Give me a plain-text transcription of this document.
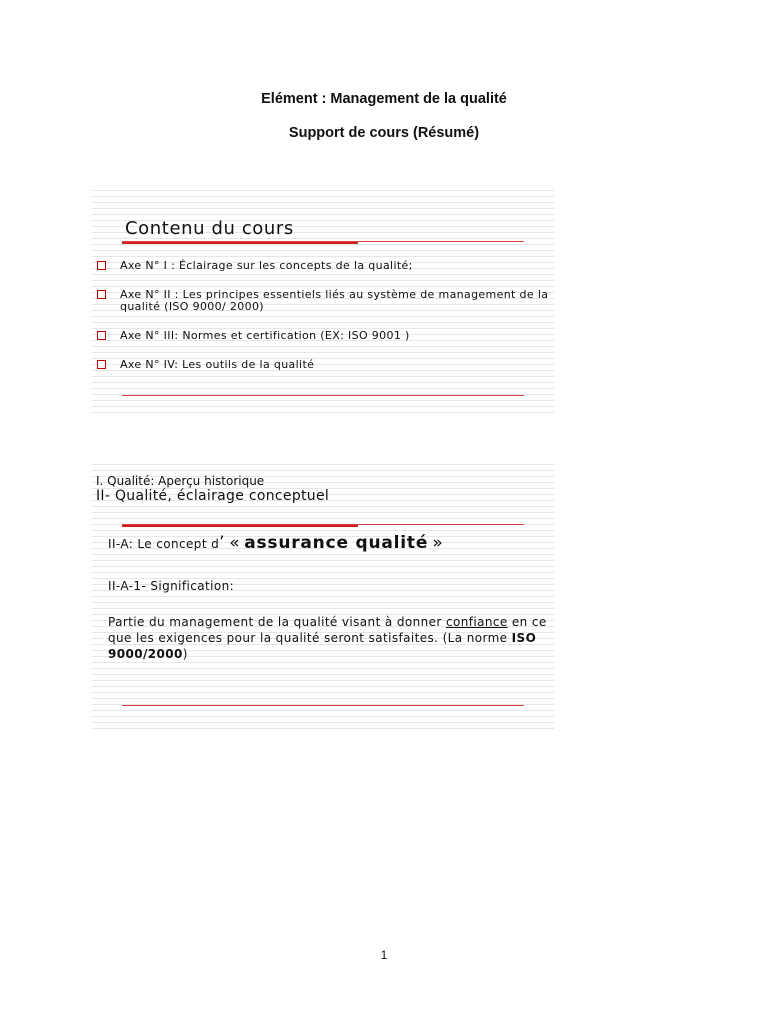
Elément : Management de la qualité
Support de cours (Résumé)
Contenu du cours
Axe N° I : Éclairage sur les concepts de la qualité;
Axe N° II : Les principes essentiels liés au système de management de la qualité (ISO 9000/ 2000)
Axe N° III: Normes et certification (EX: ISO 9001 )
Axe N° IV: Les outils de la qualité
I. Qualité: Aperçu historique
II- Qualité, éclairage conceptuel
II-A: Le concept d’ « assurance qualité »
II-A-1- Signification:
Partie du management de la qualité visant à donner confiance en ce que les exigences pour la qualité seront satisfaites. (La norme ISO 9000/2000)
1
